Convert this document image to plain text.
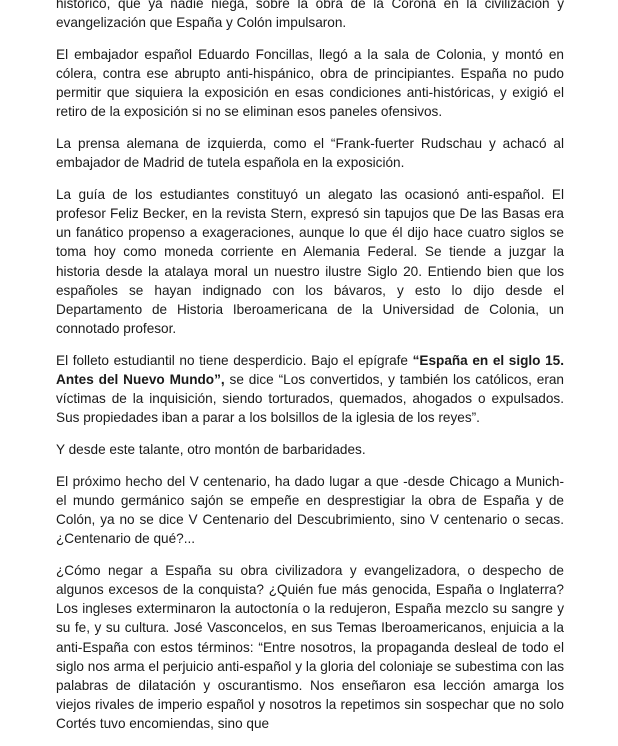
histórico, que ya nadie niega, sobre la obra de la Corona en la civilización y evangelización que España y Colón impulsaron.

El embajador español Eduardo Foncillas, llegó a la sala de Colonia, y montó en cólera, contra ese abrupto anti-hispánico, obra de principiantes. España no pudo permitir que siquiera la exposición en esas condiciones anti-históricas, y exigió el retiro de la exposición si no se eliminan esos paneles ofensivos.

La prensa alemana de izquierda, como el “Frank-fuerter Rudschau y achacó al embajador de Madrid de tutela española en la exposición.

La guía de los estudiantes constituyó un alegato las ocasionó anti-español. El profesor Feliz Becker, en la revista Stern, expresó sin tapujos que De las Basas era un fanático propenso a exageraciones, aunque lo que él dijo hace cuatro siglos se toma hoy como moneda corriente en Alemania Federal. Se tiende a juzgar la historia desde la atalaya moral un nuestro ilustre Siglo 20. Entiendo bien que los españoles se hayan indignado con los bávaros, y esto lo dijo desde el Departamento de Historia Iberoamericana de la Universidad de Colonia, un connotado profesor.

El folleto estudiantil no tiene desperdicio. Bajo el epígrafe “España en el siglo 15. Antes del Nuevo Mundo”, se dice “Los convertidos, y también los católicos, eran víctimas de la inquisición, siendo torturados, quemados, ahogados o expulsados. Sus propiedades iban a parar a los bolsillos de la iglesia de los reyes”.

Y desde este talante, otro montón de barbaridades.

El próximo hecho del V centenario, ha dado lugar a que -desde Chicago a Munich- el mundo germánico sajón se empeñe en desprestigiar la obra de España y de Colón, ya no se dice V Centenario del Descubrimiento, sino V centenario o secas. ¿Centenario de qué?...

¿Cómo negar a España su obra civilizadora y evangelizadora, o despecho de algunos excesos de la conquista? ¿Quién fue más genocida, España o Inglaterra? Los ingleses exterminaron la autoctonía o la redujeron, España mezclo su sangre y su fe, y su cultura. José Vasconcelos, en sus Temas Iberoamericanos, enjuicia a la anti-España con estos términos: “Entre nosotros, la propaganda desleal de todo el siglo nos arma el perjuicio anti-español y la gloria del coloniaje se subestima con las palabras de dilatación y oscurantismo. Nos enseñaron esa lección amarga los viejos rivales de imperio español y nosotros la repetimos sin sospechar que no solo Cortés tuvo encomiendas, sino que
